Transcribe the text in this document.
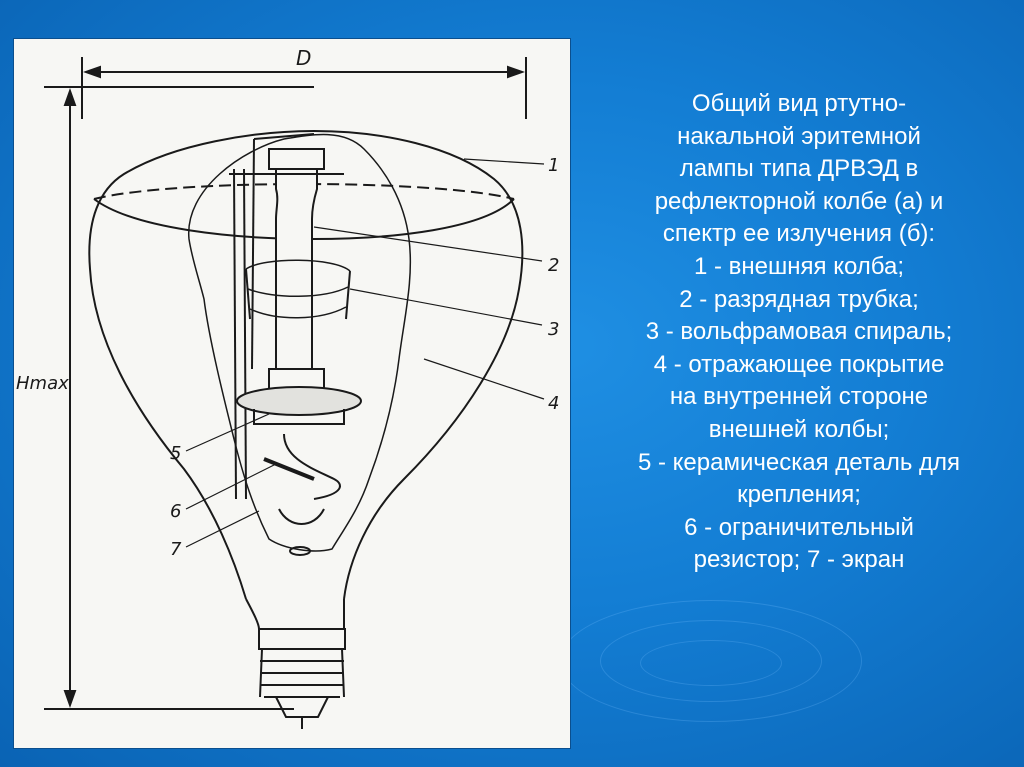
D
Hmax
1
2
3
4
5
6
7
Общий вид ртутно-
накальной эритемной
лампы типа ДРВЭД в
рефлекторной колбе (а) и
спектр ее излучения (б):
1 - внешняя колба;
2 - разрядная трубка;
3 - вольфрамовая спираль;
4 - отражающее покрытие
на внутренней стороне
внешней колбы;
5 - керамическая деталь для
крепления;
6 - ограничительный
резистор; 7 - экран
